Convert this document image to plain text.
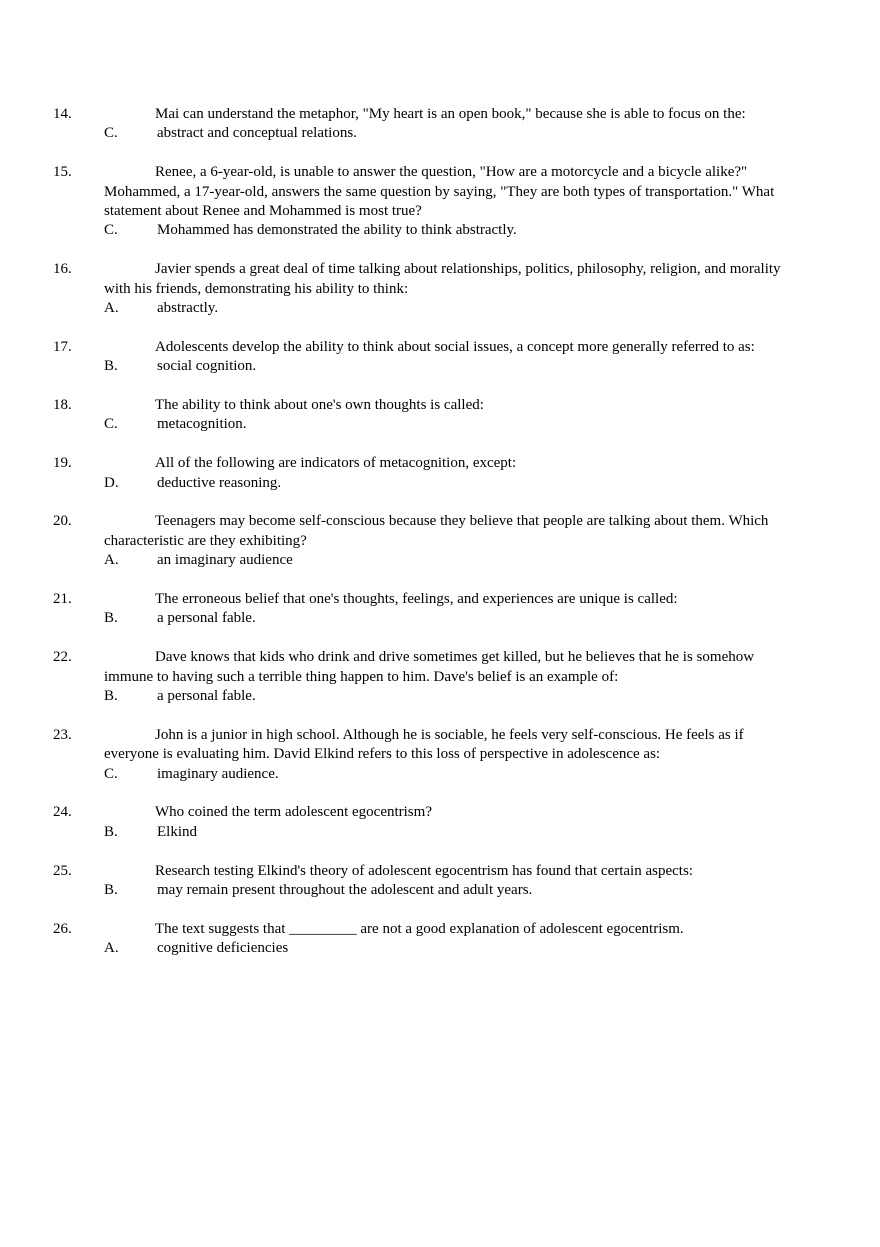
14.	Mai can understand the metaphor, "My heart is an open book," because she is able to focus on the:
C.	abstract and conceptual relations.
15.	Renee, a 6-year-old, is unable to answer the question, "How are a motorcycle and a bicycle alike?" Mohammed, a 17-year-old, answers the same question by saying, "They are both types of transportation." What statement about Renee and Mohammed is most true?
C.	Mohammed has demonstrated the ability to think abstractly.
16.	Javier spends a great deal of time talking about relationships, politics, philosophy, religion, and morality with his friends, demonstrating his ability to think:
A.	abstractly.
17.	Adolescents develop the ability to think about social issues, a concept more generally referred to as:
B.	social cognition.
18.	The ability to think about one's own thoughts is called:
C.	metacognition.
19.	All of the following are indicators of metacognition, except:
D.	deductive reasoning.
20.	Teenagers may become self-conscious because they believe that people are talking about them. Which characteristic are they exhibiting?
A.	an imaginary audience
21.	The erroneous belief that one's thoughts, feelings, and experiences are unique is called:
B.	a personal fable.
22.	Dave knows that kids who drink and drive sometimes get killed, but he believes that he is somehow immune to having such a terrible thing happen to him. Dave's belief is an example of:
B.	a personal fable.
23.	John is a junior in high school. Although he is sociable, he feels very self-conscious. He feels as if everyone is evaluating him. David Elkind refers to this loss of perspective in adolescence as:
C.	imaginary audience.
24.	Who coined the term adolescent egocentrism?
B.	Elkind
25.	Research testing Elkind's theory of adolescent egocentrism has found that certain aspects:
B.	may remain present throughout the adolescent and adult years.
26.	The text suggests that _________ are not a good explanation of adolescent egocentrism.
A.	cognitive deficiencies
